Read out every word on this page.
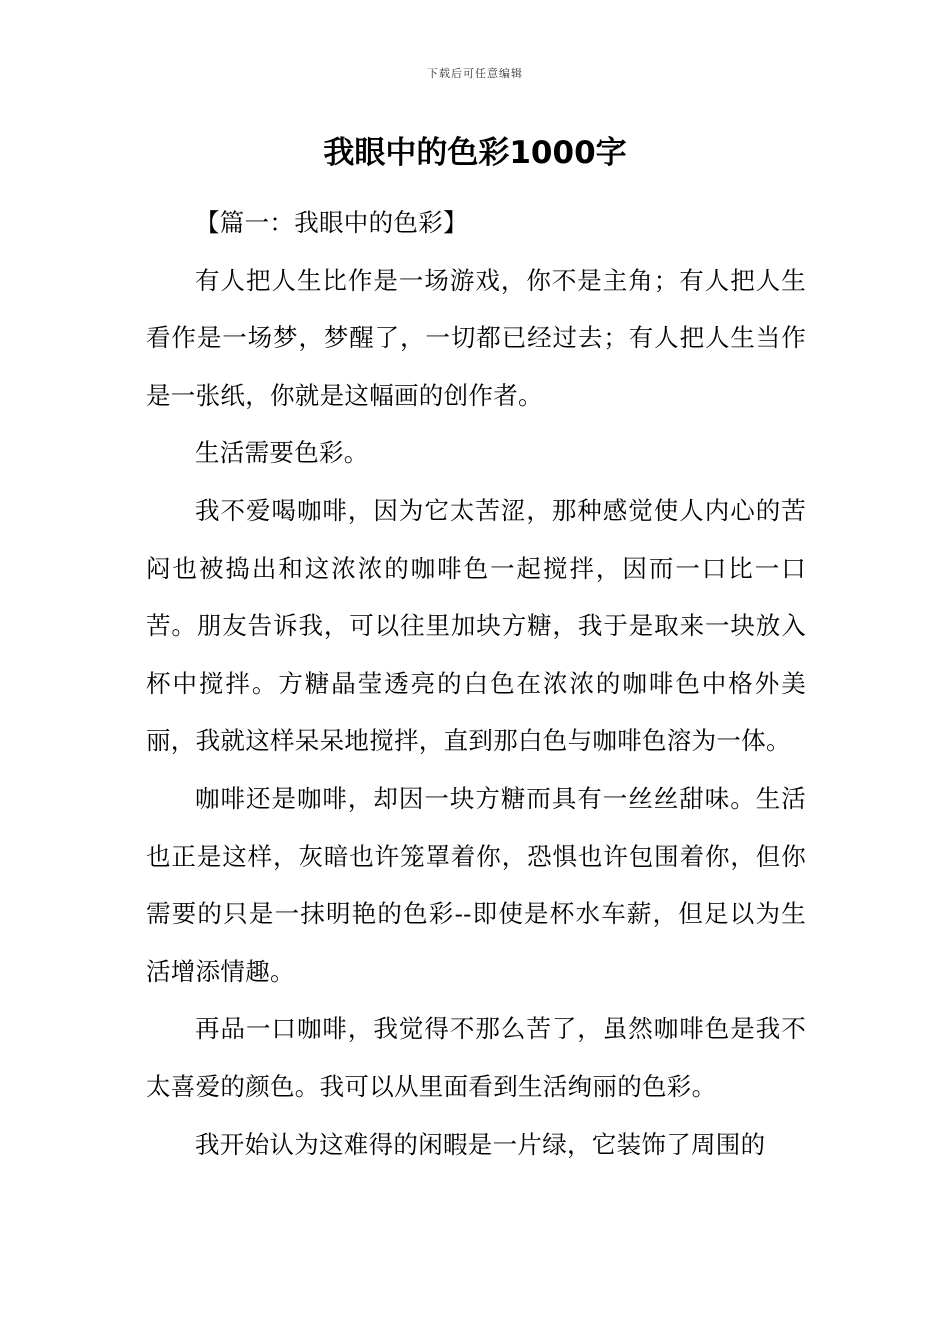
下载后可任意编辑
我眼中的色彩1000字

【篇一：我眼中的色彩】

有人把人生比作是一场游戏，你不是主角；有人把人生看作是一场梦，梦醒了，一切都已经过去；有人把人生当作是一张纸，你就是这幅画的创作者。

生活需要色彩。

我不爱喝咖啡，因为它太苦涩，那种感觉使人内心的苦闷也被捣出和这浓浓的咖啡色一起搅拌，因而一口比一口苦。朋友告诉我，可以往里加块方糖，我于是取来一块放入杯中搅拌。方糖晶莹透亮的白色在浓浓的咖啡色中格外美丽，我就这样呆呆地搅拌，直到那白色与咖啡色溶为一体。

咖啡还是咖啡，却因一块方糖而具有一丝丝甜味。生活也正是这样，灰暗也许笼罩着你，恐惧也许包围着你，但你需要的只是一抹明艳的色彩--即使是杯水车薪，但足以为生活增添情趣。

再品一口咖啡，我觉得不那么苦了，虽然咖啡色是我不太喜爱的颜色。我可以从里面看到生活绚丽的色彩。

我开始认为这难得的闲暇是一片绿，它装饰了周围的
